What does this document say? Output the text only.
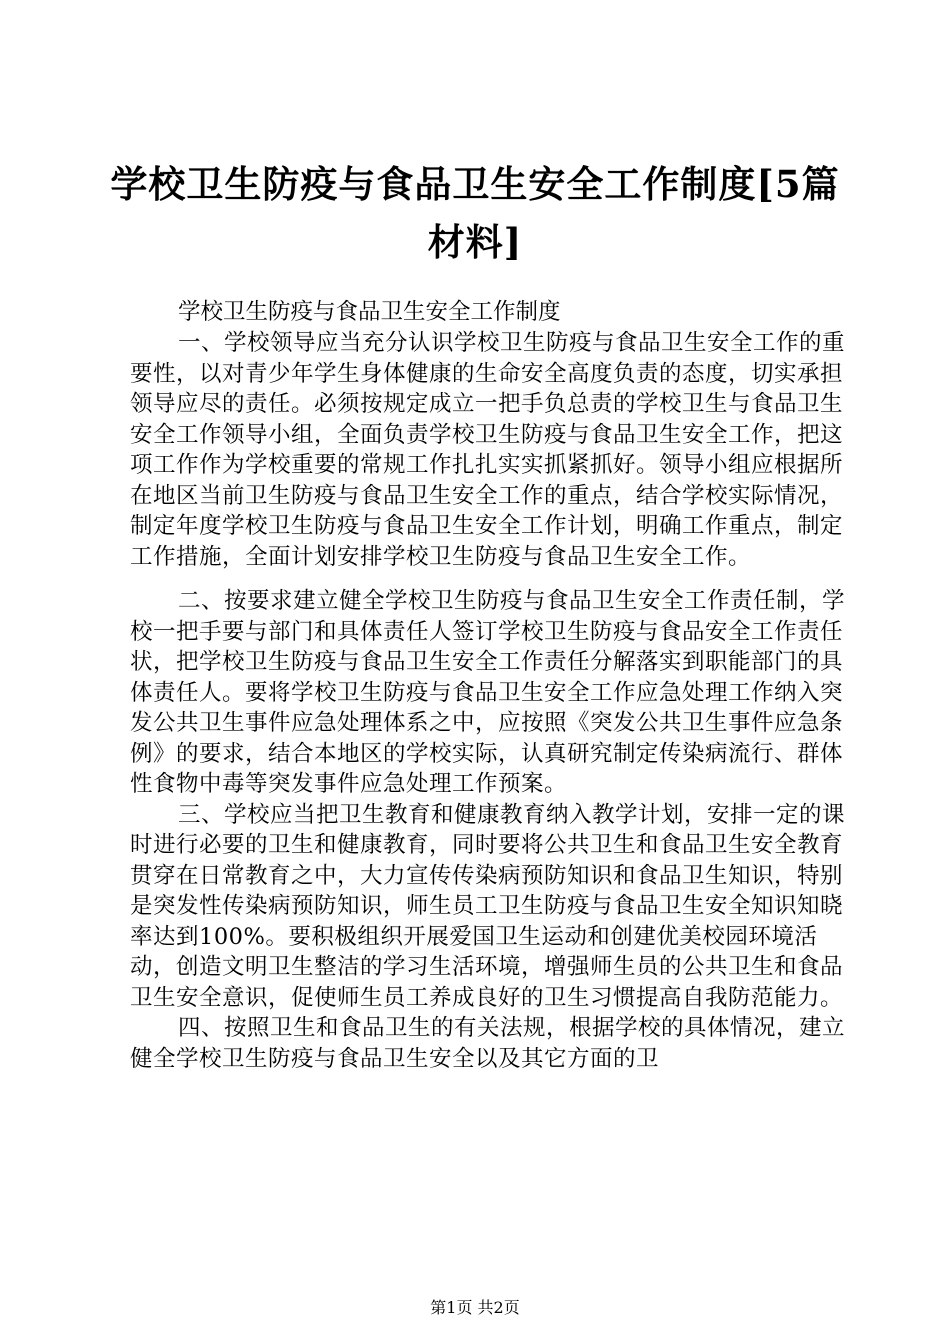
学校卫生防疫与食品卫生安全工作制度[5篇
材料]

学校卫生防疫与食品卫生安全工作制度

一、学校领导应当充分认识学校卫生防疫与食品卫生安全工作的重要性，以对青少年学生身体健康的生命安全高度负责的态度，切实承担领导应尽的责任。必须按规定成立一把手负总责的学校卫生与食品卫生安全工作领导小组，全面负责学校卫生防疫与食品卫生安全工作，把这项工作作为学校重要的常规工作扎扎实实抓紧抓好。领导小组应根据所在地区当前卫生防疫与食品卫生安全工作的重点，结合学校实际情况，制定年度学校卫生防疫与食品卫生安全工作计划，明确工作重点，制定工作措施，全面计划安排学校卫生防疫与食品卫生安全工作。

二、按要求建立健全学校卫生防疫与食品卫生安全工作责任制，学校一把手要与部门和具体责任人签订学校卫生防疫与食品安全工作责任状，把学校卫生防疫与食品卫生安全工作责任分解落实到职能部门的具体责任人。要将学校卫生防疫与食品卫生安全工作应急处理工作纳入突发公共卫生事件应急处理体系之中，应按照《突发公共卫生事件应急条例》的要求，结合本地区的学校实际，认真研究制定传染病流行、群体性食物中毒等突发事件应急处理工作预案。

三、学校应当把卫生教育和健康教育纳入教学计划，安排一定的课时进行必要的卫生和健康教育，同时要将公共卫生和食品卫生安全教育贯穿在日常教育之中，大力宣传传染病预防知识和食品卫生知识，特别是突发性传染病预防知识，师生员工卫生防疫与食品卫生安全知识知晓率达到100%。要积极组织开展爱国卫生运动和创建优美校园环境活动，创造文明卫生整洁的学习生活环境，增强师生员的公共卫生和食品卫生安全意识，促使师生员工养成良好的卫生习惯提高自我防范能力。

四、按照卫生和食品卫生的有关法规，根据学校的具体情况，建立健全学校卫生防疫与食品卫生安全以及其它方面的卫

第1页 共2页
